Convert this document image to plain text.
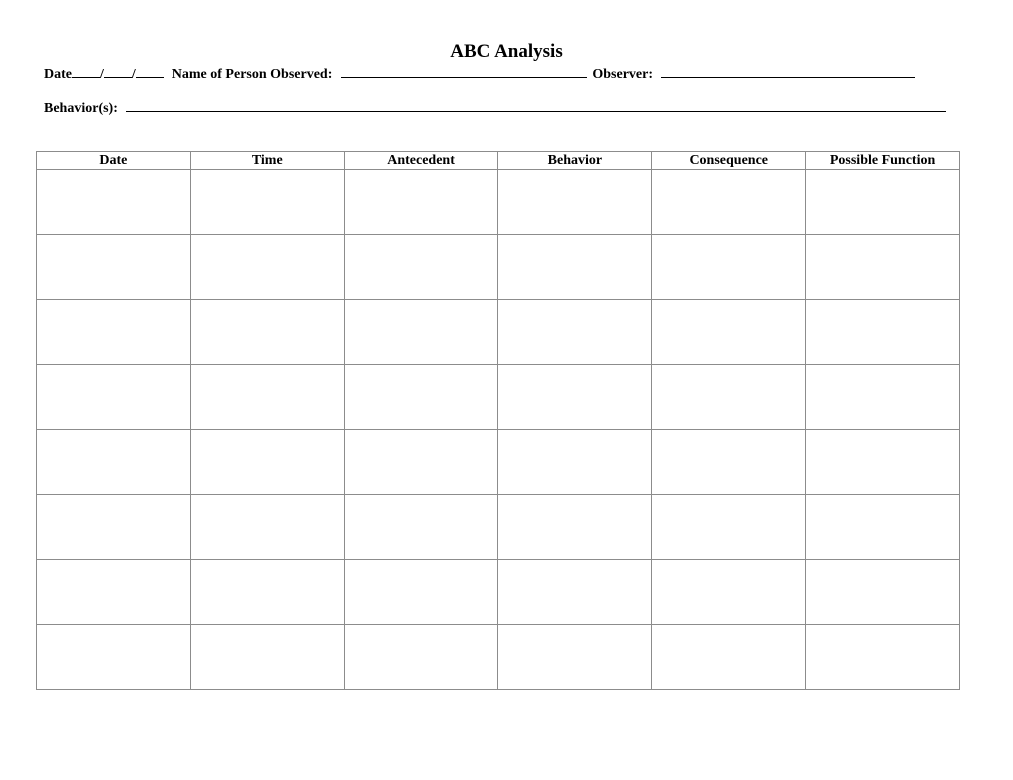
ABC Analysis
Date / /	Name of Person Observed:	Observer:
Behavior(s):
Date	Time	Antecedent	Behavior	Consequence	Possible Function
